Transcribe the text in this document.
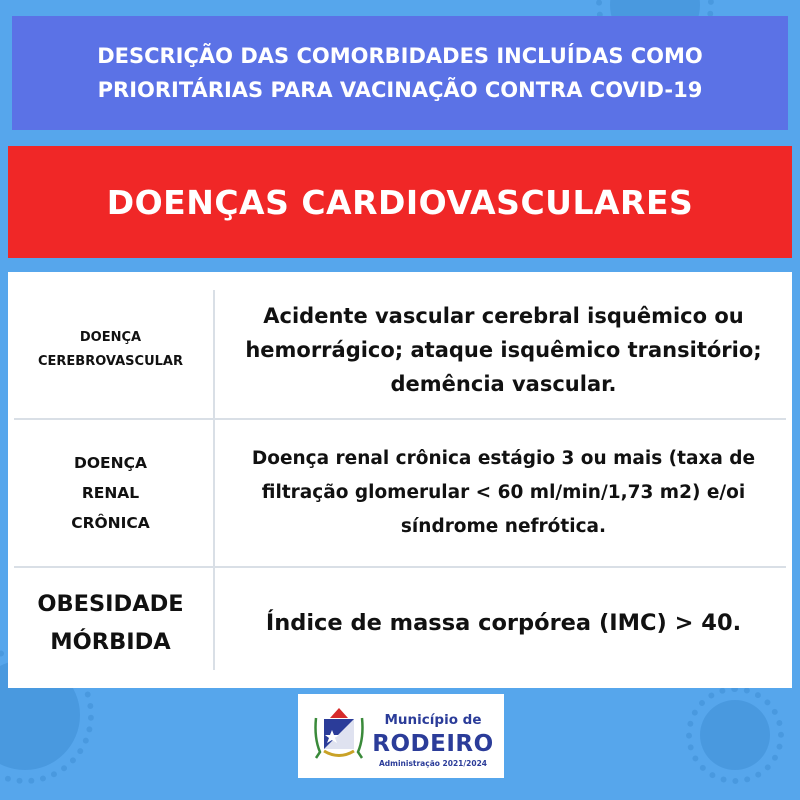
DESCRIÇÃO DAS COMORBIDADES INCLUÍDAS COMO PRIORITÁRIAS PARA VACINAÇÃO CONTRA COVID-19

DOENÇAS CARDIOVASCULARES

DOENÇA
CEREBROVASCULAR
Acidente vascular cerebral isquêmico ou hemorrágico; ataque isquêmico transitório; demência vascular.
DOENÇA
RENAL
CRÔNICA
Doença renal crônica estágio 3 ou mais (taxa de filtração glomerular < 60 ml/min/1,73 m2) e/oi síndrome nefrótica.
OBESIDADE
MÓRBIDA
Índice de massa corpórea (IMC) > 40.

Município de

RODEIRO

Administração 2021/2024
